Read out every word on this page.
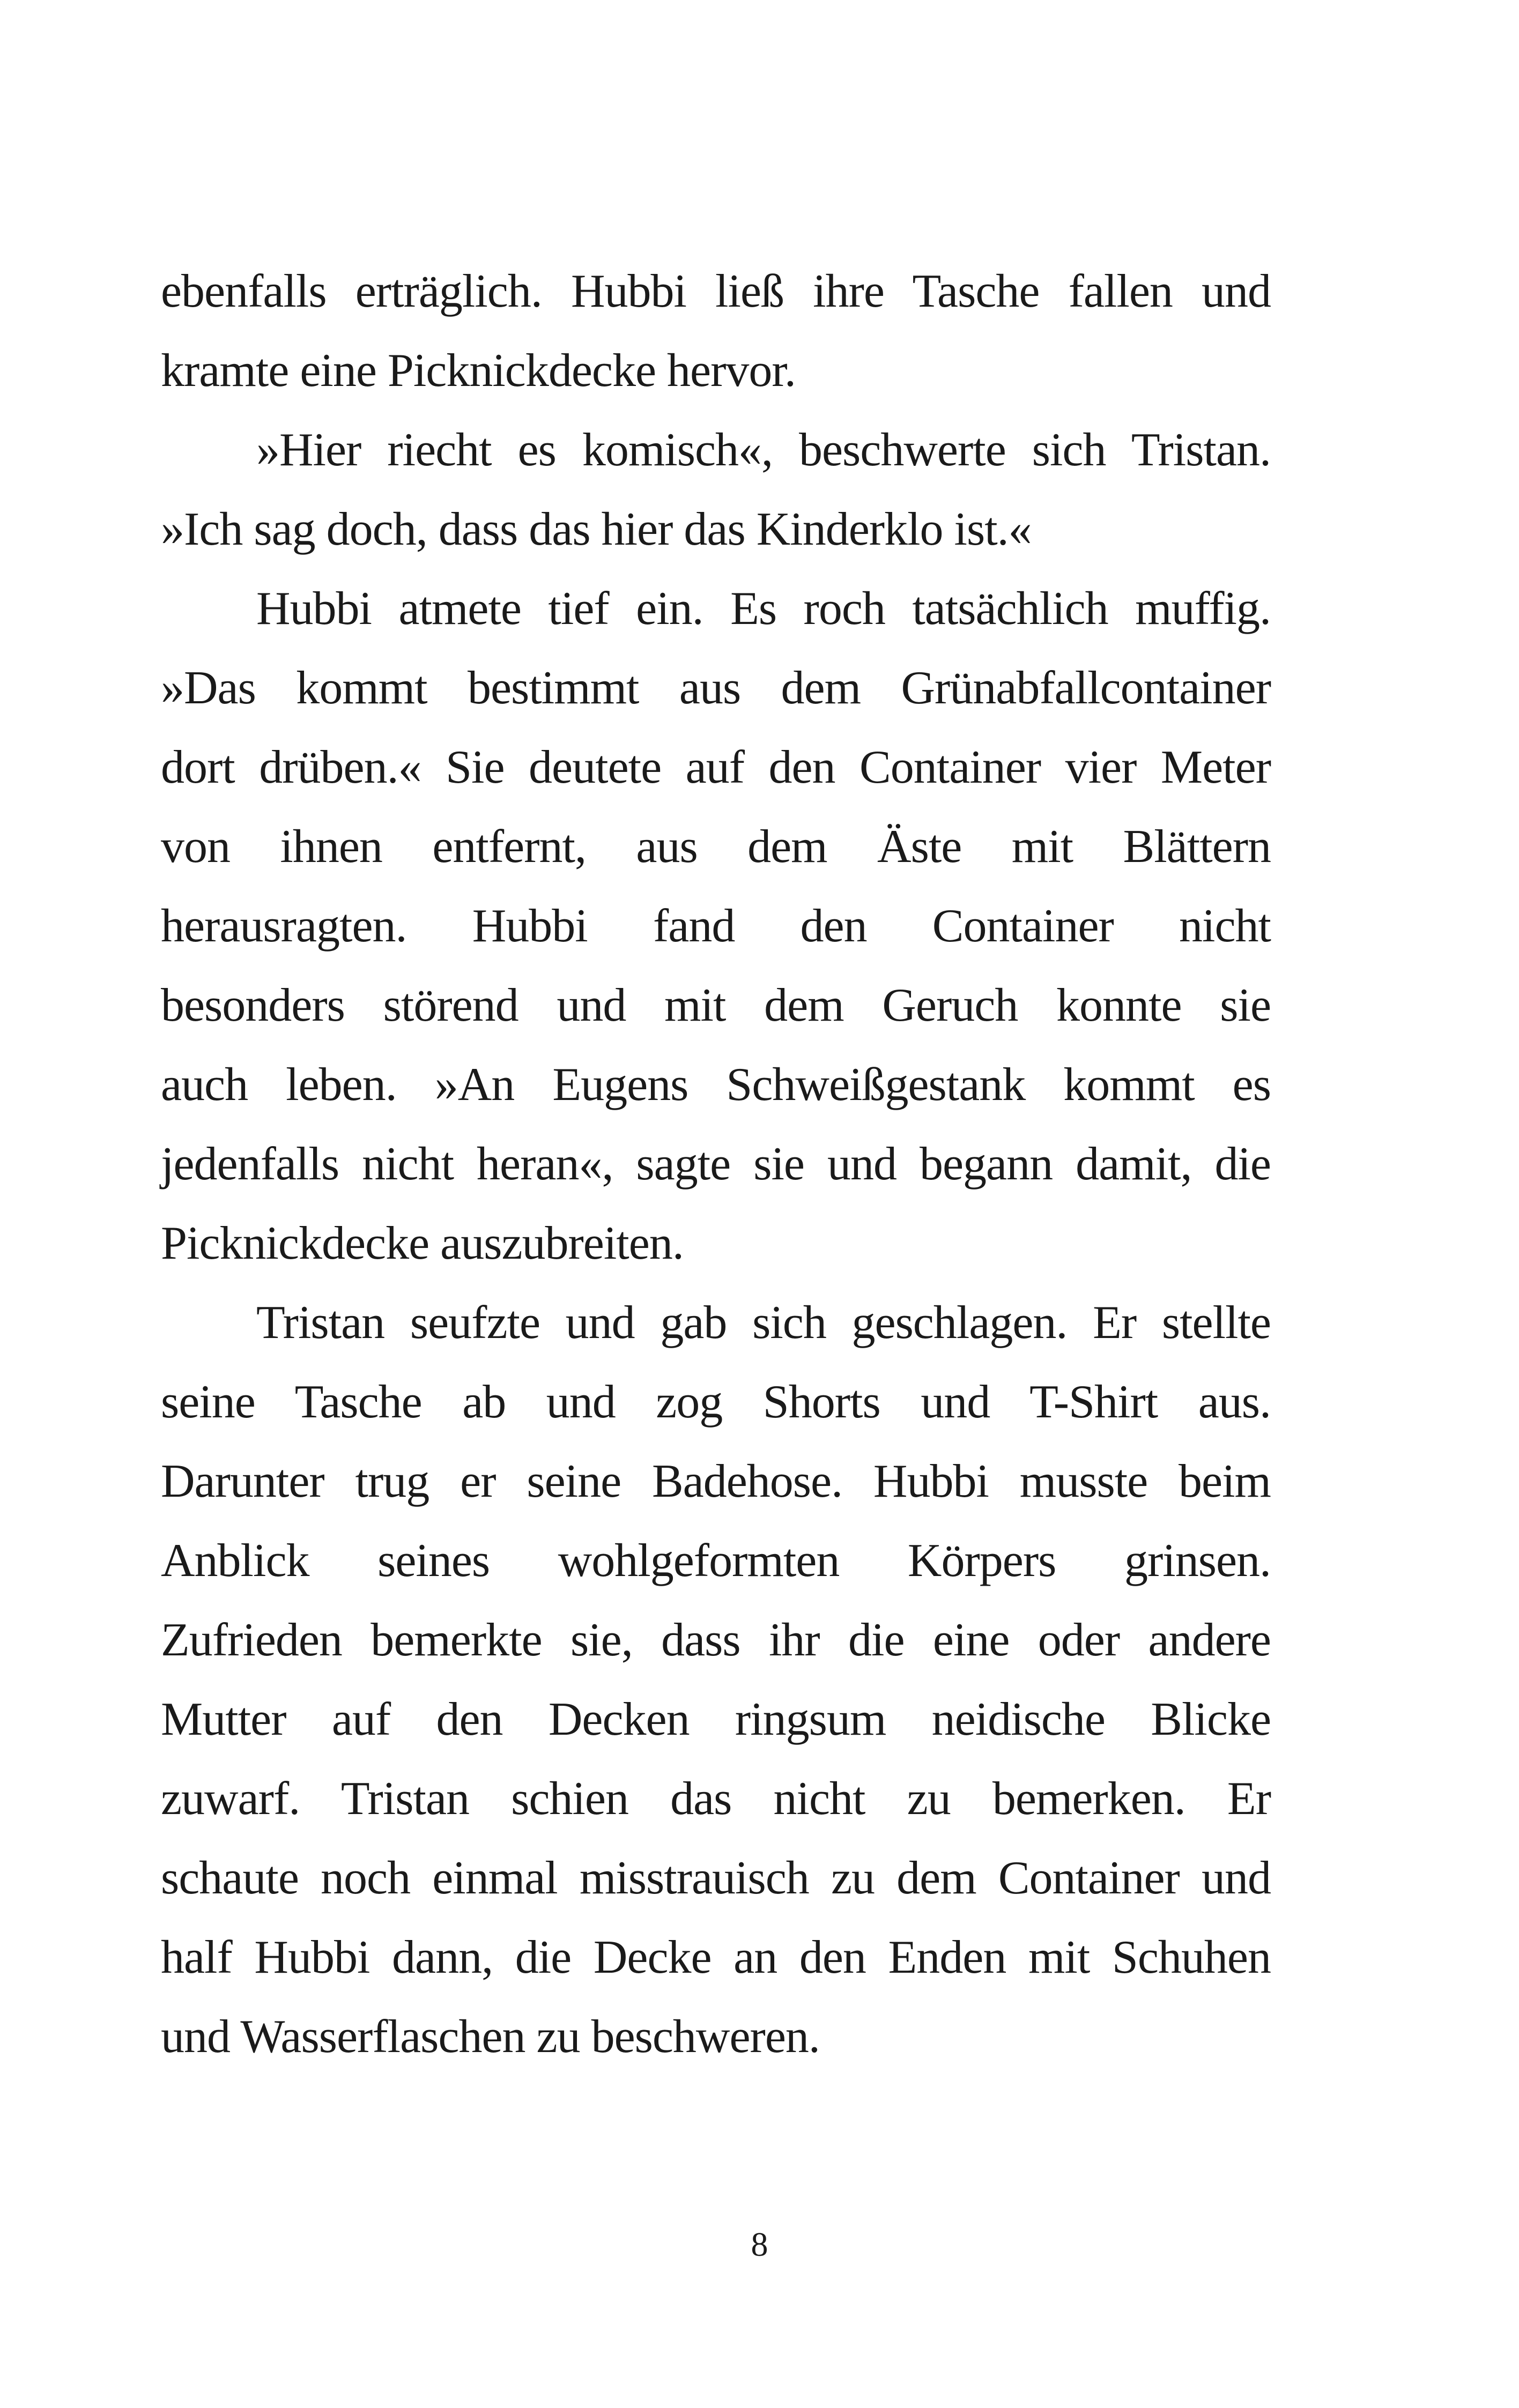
ebenfalls erträglich. Hubbi ließ ihre Tasche fallen und
kramte eine Picknickdecke hervor.
»Hier riecht es komisch«, beschwerte sich Tristan.
»Ich sag doch, dass das hier das Kinderklo ist.«
Hubbi atmete tief ein. Es roch tatsächlich muffig.
»Das kommt bestimmt aus dem Grünabfallcontainer
dort drüben.« Sie deutete auf den Container vier Meter
von ihnen entfernt, aus dem Äste mit Blättern
herausragten. Hubbi fand den Container nicht
besonders störend und mit dem Geruch konnte sie
auch leben. »An Eugens Schweißgestank kommt es
jedenfalls nicht heran«, sagte sie und begann damit, die
Picknickdecke auszubreiten.
Tristan seufzte und gab sich geschlagen. Er stellte
seine Tasche ab und zog Shorts und T-Shirt aus.
Darunter trug er seine Badehose. Hubbi musste beim
Anblick seines wohlgeformten Körpers grinsen.
Zufrieden bemerkte sie, dass ihr die eine oder andere
Mutter auf den Decken ringsum neidische Blicke
zuwarf. Tristan schien das nicht zu bemerken. Er
schaute noch einmal misstrauisch zu dem Container und
half Hubbi dann, die Decke an den Enden mit Schuhen
und Wasserflaschen zu beschweren.
8
